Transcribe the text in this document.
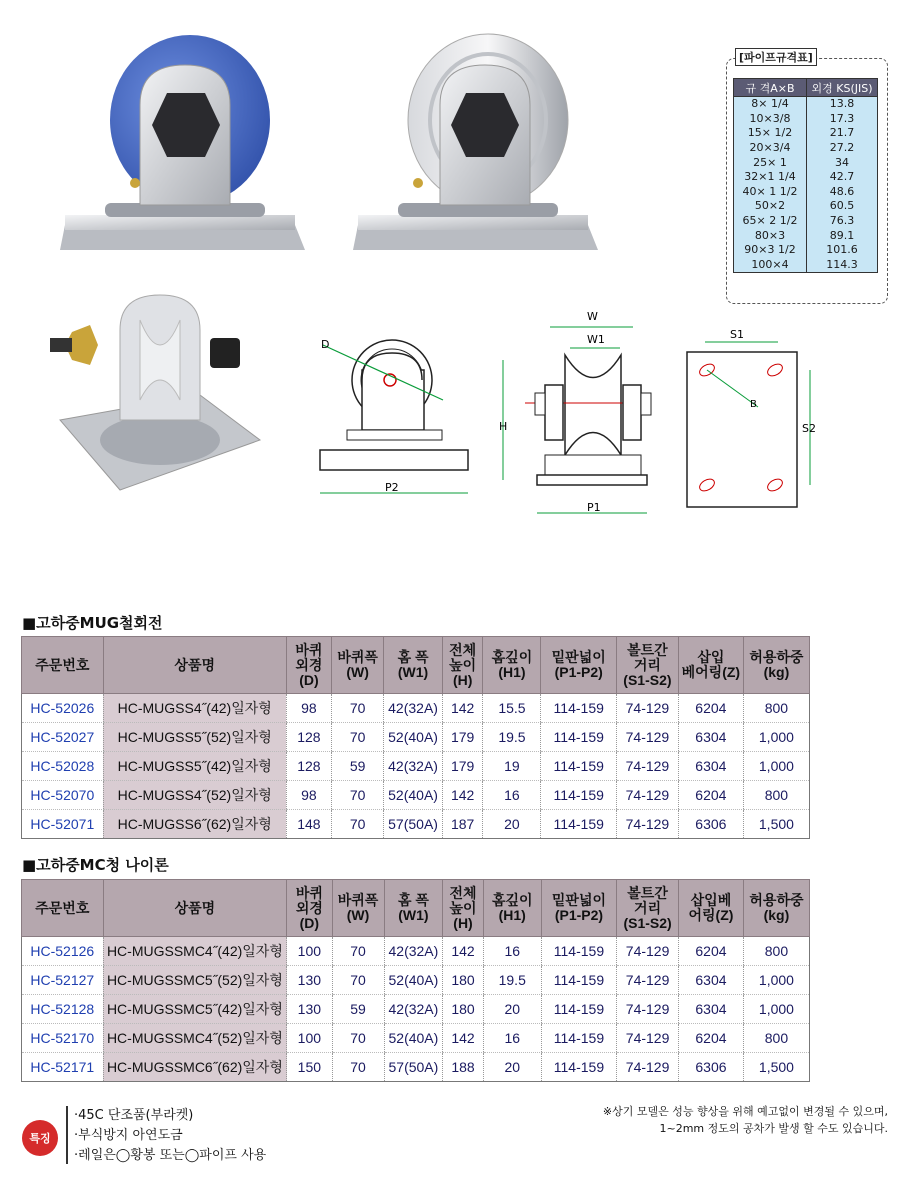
D
P2
W
W1
H
P1
S1
B
S2
[파이프규격표]
규 격A×B	외경 KS(JIS)
8× 1/4	13.8
10×3/8	17.3
15× 1/2	21.7
20×3/4	27.2
25× 1	34
32×1 1/4	42.7
40× 1 1/2	48.6
50×2	60.5
65× 2 1/2	76.3
80×3	89.1
90×3 1/2	101.6
100×4	114.3
■고하중MUG철회전
주문번호	상품명	바퀴
외경
(D)	바퀴폭
(W)	홈 폭
(W1)	전체
높이
(H)	홈깊이
(H1)	밑판넓이
(P1-P2)	볼트간
거리
(S1-S2)	삽입
베어링(Z)	허용하중
(kg)
HC-52026	HC-MUGSS4˝(42)일자형	98	70	42(32A)	142	15.5	114-159	74-129	6204	800
HC-52027	HC-MUGSS5˝(52)일자형	128	70	52(40A)	179	19.5	114-159	74-129	6304	1,000
HC-52028	HC-MUGSS5˝(42)일자형	128	59	42(32A)	179	19	114-159	74-129	6304	1,000
HC-52070	HC-MUGSS4˝(52)일자형	98	70	52(40A)	142	16	114-159	74-129	6204	800
HC-52071	HC-MUGSS6˝(62)일자형	148	70	57(50A)	187	20	114-159	74-129	6306	1,500
■고하중MC청 나이론
주문번호	상품명	바퀴
외경
(D)	바퀴폭
(W)	홈 폭
(W1)	전체
높이
(H)	홈깊이
(H1)	밑판넓이
(P1-P2)	볼트간
거리
(S1-S2)	삽입베
어링(Z)	허용하중
(kg)
HC-52126	HC-MUGSSMC4˝(42)일자형	100	70	42(32A)	142	16	114-159	74-129	6204	800
HC-52127	HC-MUGSSMC5˝(52)일자형	130	70	52(40A)	180	19.5	114-159	74-129	6304	1,000
HC-52128	HC-MUGSSMC5˝(42)일자형	130	59	42(32A)	180	20	114-159	74-129	6304	1,000
HC-52170	HC-MUGSSMC4˝(52)일자형	100	70	52(40A)	142	16	114-159	74-129	6204	800
HC-52171	HC-MUGSSMC6˝(62)일자형	150	70	57(50A)	188	20	114-159	74-129	6306	1,500
특징
·45C 단조품(부라켓)
·부식방지 아연도금
·레일은◯황봉 또는◯파이프 사용
※상기 모델은 성능 향상을 위해 예고없이 변경될 수 있으며,
1~2mm 정도의 공차가 발생 할 수도 있습니다.
